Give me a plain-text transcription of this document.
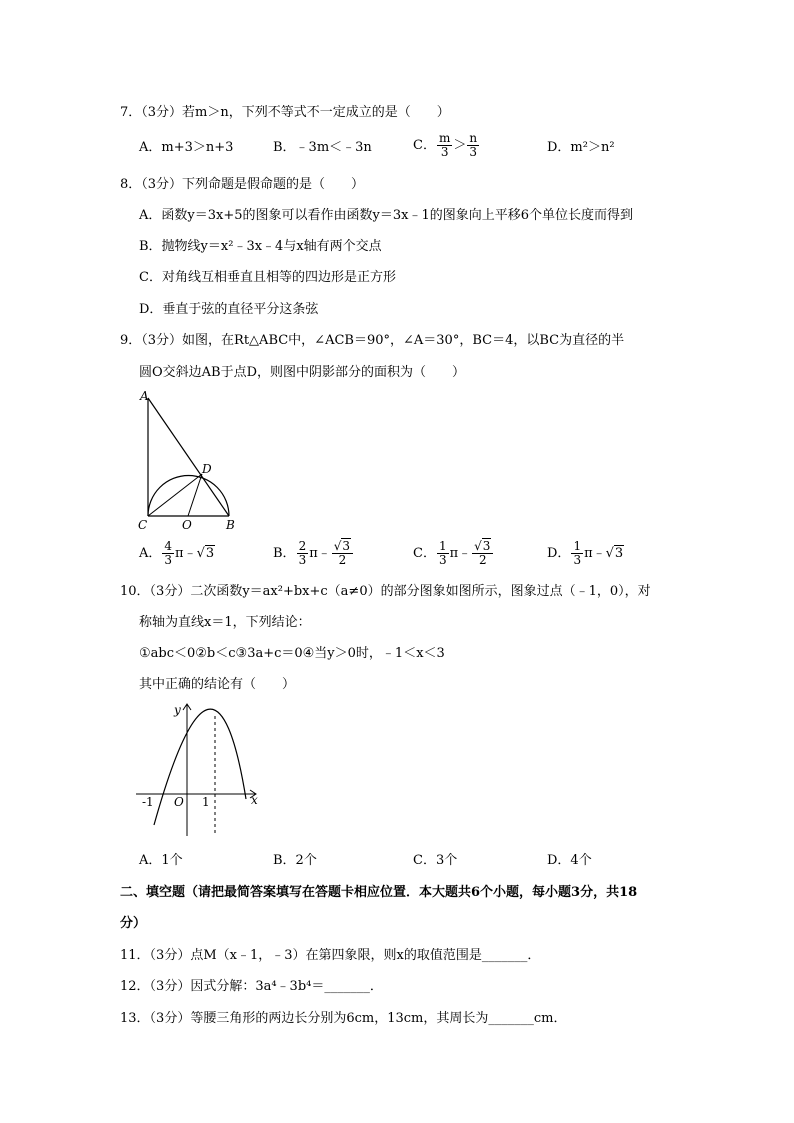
7．（3分）若m＞n，下列不等式不一定成立的是（　　）
A．m+3＞n+3	B．﹣3m＜﹣3n	C． $\frac{m}{3} > \frac{n}{3}$	D．m²＞n²
8．（3分）下列命题是假命题的是（　　）
A．函数y＝3x+5的图象可以看作由函数y＝3x﹣1的图象向上平移6个单位长度而得到
B．抛物线y＝x²﹣3x﹣4与x轴有两个交点
C．对角线互相垂直且相等的四边形是正方形
D．垂直于弦的直径平分这条弦
9．（3分）如图，在Rt△ABC中，∠ACB＝90°，∠A＝30°，BC＝4，以BC为直径的半
圆O交斜边AB于点D，则图中阴影部分的面积为（　　）
A
D
C	O	B
A． $\frac{4}{3}$ π﹣√3	B． $\frac{2}{3}$ π﹣ $\frac{√3}{2}$	C． $\frac{1}{3}$ π﹣ $\frac{√3}{2}$	D． $\frac{1}{3}$ π﹣√3
10．（3分）二次函数y＝ax²+bx+c（a≠0）的部分图象如图所示，图象过点（﹣1，0），对
称轴为直线x＝1，下列结论：
①abc＜0②b＜c③3a+c＝0④当y＞0时，﹣1＜x＜3
其中正确的结论有（　　）
y
x
-1 O 1
A．1个	B．2个	C．3个	D．4个
二、填空题（请把最简答案填写在答题卡相应位置．本大题共6个小题，每小题3分，共18
分）
11．（3分）点M（x﹣1，﹣3）在第四象限，则x的取值范围是_______．
12．（3分）因式分解：3a⁴﹣3b⁴＝_______．
13．（3分）等腰三角形的两边长分别为6cm，13cm，其周长为_______cm．
